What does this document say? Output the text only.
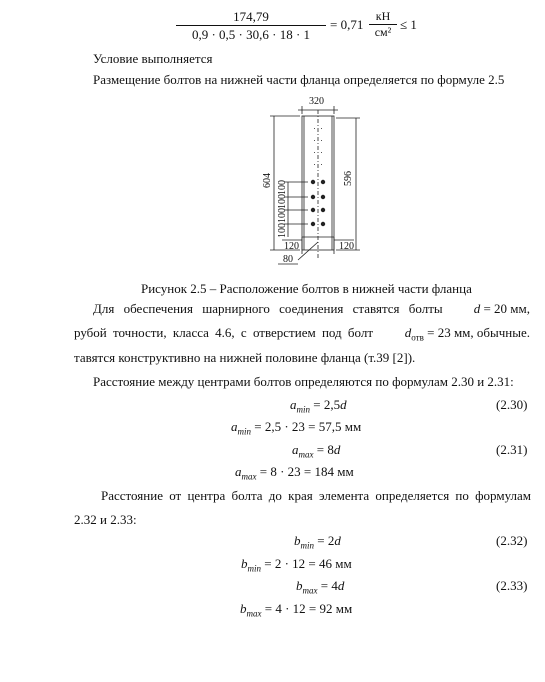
$\frac{174,79}{0,9 \cdot 0,5 \cdot 30,6 \cdot 18 \cdot 1} = 0,71$
кН
см² ≤ 1
Условие выполняется
Размещение болтов на нижней части фланца определяется по формуле 2.5
320
604	596
100
100
100
100
120	120
80
Рисунок 2.5 – Расположение болтов в нижней части фланца
Для обеспечения шарнирного соединения ставятся болты d = 20 мм,
рубой точности, класса 4.6, с отверстием под болт $d_{отв} = 23$ мм, обычные.
тавятся конструктивно на нижней половине фланца (т.39 [2]).
Расстояние между центрами болтов определяются по формулам 2.30 и 2.31:
$a_{min} = 2,5d$	(2.30)
$a_{min} = 2,5 \cdot 23 = 57,5$ мм
$a_{max} = 8d$	(2.31)
$a_{max} = 8 \cdot 23 = 184$ мм
Расстояние от центра болта до края элемента определяется по формулам
2.32 и 2.33:
$b_{min} = 2d$	(2.32)
$b_{min} = 2 \cdot 12 = 46$ мм
$b_{max} = 4d$	(2.33)
$b_{max} = 4 \cdot 12 = 92$ мм
